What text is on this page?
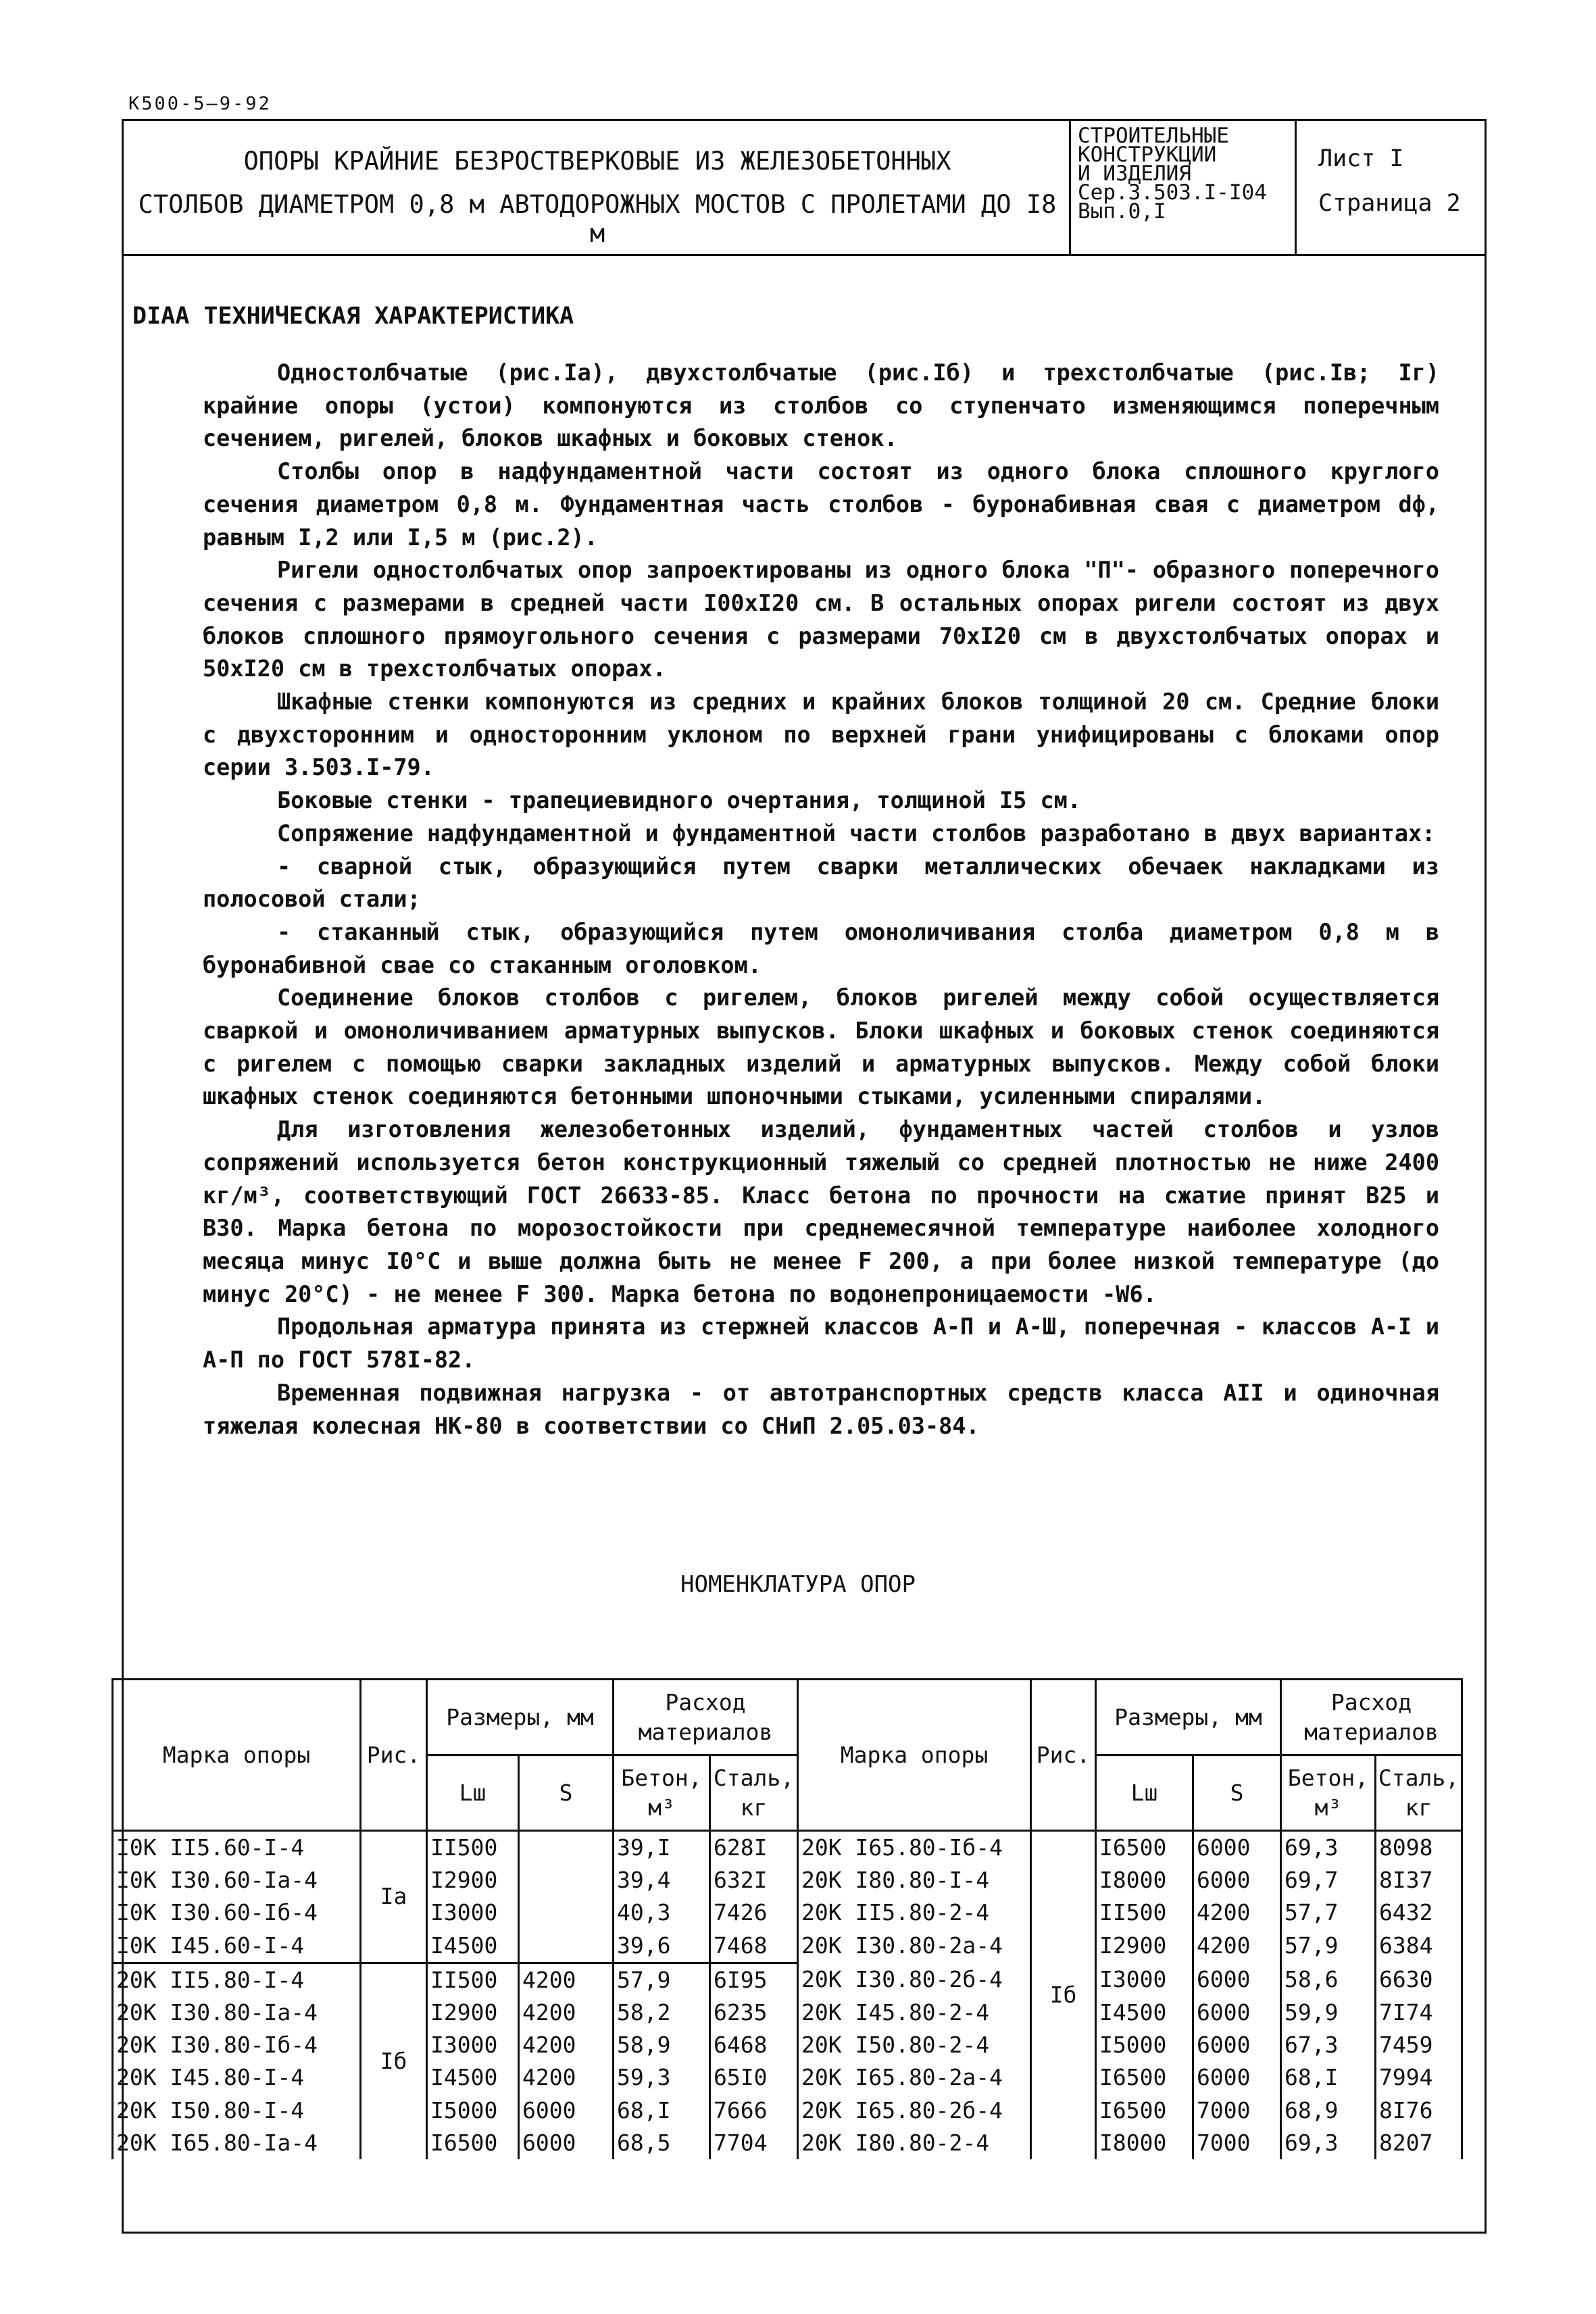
К500-5—9-92
ОПОРЫ КРАЙНИЕ БЕЗРОСТВЕРКОВЫЕ ИЗ ЖЕЛЕЗОБЕТОННЫХ
СТОЛБОВ ДИАМЕТРОМ 0,8 м АВТОДОРОЖНЫХ МОСТОВ С ПРОЛЕТАМИ ДО I8 м
СТРОИТЕЛЬНЫЕ
КОНСТРУКЦИИ
И ИЗДЕЛИЯ
Сер.3.503.I-I04
Вып.0,I
Лист I
Страница 2
DIАА ТЕХНИЧЕСКАЯ ХАРАКТЕРИСТИКА

Одностолбчатые (рис.Iа), двухстолбчатые (рис.Iб) и трехстолбчатые (рис.Iв; Iг) крайние опоры (устои) компонуются из столбов со ступенчато изменяющимся поперечным сечением, ригелей, блоков шкафных и боковых стенок.

Столбы опор в надфундаментной части состоят из одного блока сплошного круглого сечения диаметром 0,8 м. Фундаментная часть столбов - буронабивная свая с диаметром dф, равным I,2 или I,5 м (рис.2).

Ригели одностолбчатых опор запроектированы из одного блока "П"- образного поперечного сечения с размерами в средней части I00хI20 см. В остальных опорах ригели состоят из двух блоков сплошного прямоугольного сечения с размерами 70хI20 см в двухстолбчатых опорах и 50хI20 см в трехстолбчатых опорах.

Шкафные стенки компонуются из средних и крайних блоков толщиной 20 см. Средние блоки с двухсторонним и односторонним уклоном по верхней грани унифицированы с блоками опор серии 3.503.I-79.

Боковые стенки - трапециевидного очертания, толщиной I5 см.

Сопряжение надфундаментной и фундаментной части столбов разработано в двух вариантах:

- сварной стык, образующийся путем сварки металлических обечаек накладками из полосовой стали;

- стаканный стык, образующийся путем омоноличивания столба диаметром 0,8 м в буронабивной свае со стаканным оголовком.

Соединение блоков столбов с ригелем, блоков ригелей между собой осуществляется сваркой и омоноличиванием арматурных выпусков. Блоки шкафных и боковых стенок соединяются с ригелем с помощью сварки закладных изделий и арматурных выпусков. Между собой блоки шкафных стенок соединяются бетонными шпоночными стыками, усиленными спиралями.

Для изготовления железобетонных изделий, фундаментных частей столбов и узлов сопряжений используется бетон конструкционный тяжелый со средней плотностью не ниже 2400 кг/м³, соответствующий ГОСТ 26633-85. Класс бетона по прочности на сжатие принят В25 и В30. Марка бетона по морозостойкости при среднемесячной температуре наиболее холодного месяца минус I0°С и выше должна быть не менее F 200, а при более низкой температуре (до минус 20°С) - не менее F 300. Марка бетона по водонепроницаемости -W6.

Продольная арматура принята из стержней классов А-П и А-Ш, поперечная - классов А-I и А-П по ГОСТ 578I-82.

Временная подвижная нагрузка - от автотранспортных средств класса АII и одиночная тяжелая колесная НК-80 в соответствии со СНиП 2.05.03-84.

НОМЕНКЛАТУРА ОПОР
Марка опоры	Рис.	Размеры, мм		Расход материалов		Марка опоры	Рис.	Размеры, мм		Расход материалов	
		Lш	S	Бетон, м³	Сталь, кг			Lш	S	Бетон, м³	Сталь, кг
I0К II5.60-I-4	Iа	II500		39,I	628I	20К I65.80-Iб-4	Iб	I6500	6000	69,3	8098
I0К I30.60-Iа-4		I2900		39,4	632I	20К I80.80-I-4		I8000	6000	69,7	8I37
I0К I30.60-Iб-4		I3000		40,3	7426	20К II5.80-2-4		II500	4200	57,7	6432
I0К I45.60-I-4		I4500		39,6	7468	20К I30.80-2а-4		I2900	4200	57,9	6384
20К II5.80-I-4	Iб	II500	4200	57,9	6I95	20К I30.80-2б-4		I3000	6000	58,6	6630
20К I30.80-Iа-4		I2900	4200	58,2	6235	20К I45.80-2-4		I4500	6000	59,9	7I74
20К I30.80-Iб-4		I3000	4200	58,9	6468	20К I50.80-2-4		I5000	6000	67,3	7459
20К I45.80-I-4		I4500	4200	59,3	65I0	20К I65.80-2а-4		I6500	6000	68,I	7994
20К I50.80-I-4		I5000	6000	68,I	7666	20К I65.80-2б-4		I6500	7000	68,9	8I76
20К I65.80-Iа-4		I6500	6000	68,5	7704	20К I80.80-2-4		I8000	7000	69,3	8207
